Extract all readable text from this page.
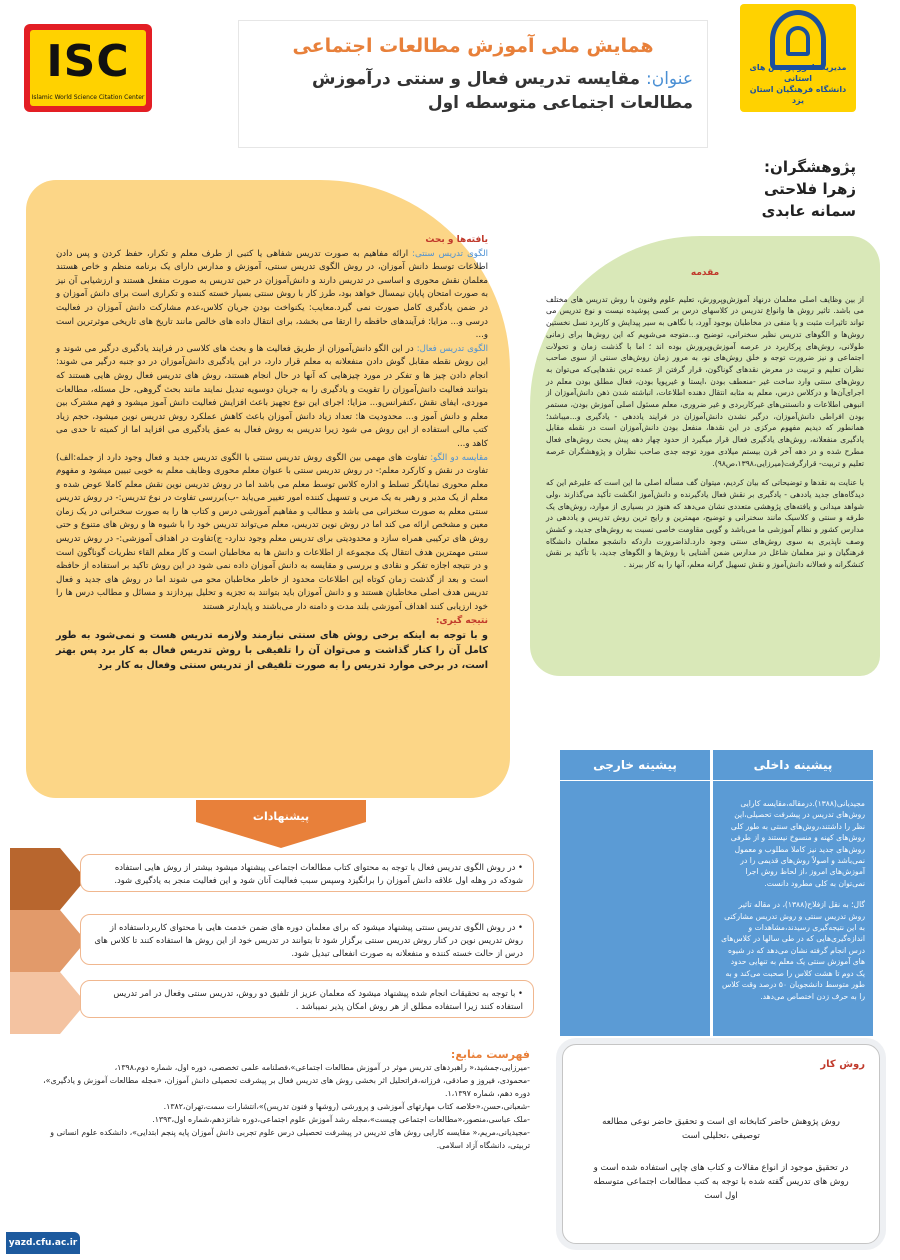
ISC
Islamic World Science Citation Center
همایش ملی آموزش مطالعات اجتماعی
عنوان: مقایسه تدریس فعال و سنتی درآموزش مطالعات اجتماعی متوسطه اول
مدیریت امور پردیس های استانی
دانشگاه فرهنگیان استان یزد
پژوهشگران:
زهرا فلاحتی
سمانه عابدی
یافته‌ها و بحث
الگوی تدریس سنتی: ارائه مفاهیم به صورت تدریس شفاهی یا کتبی از طرف معلم و تکرار، حفظ کردن و پس دادن اطلاعات توسط دانش آموزان، در روش الگوی تدریس سنتی، آموزش و مدارس دارای یک برنامه منظم و خاص هستند معلمان نقش محوری و اساسی در تدریس دارند و دانش‌آموزان در حین تدریس به صورت منفعل هستند و ارزشیابی آن نیز به صورت امتحان پایان نیمسال خواهد بود، طرز کار با روش سنتی بسیار خسته کننده و تکراری است برای دانش آموزان و در ضمن یادگیری کامل صورت نمی گیرد.معایب: یکنواخت بودن جریان کلاس،عدم مشارکت دانش آموزان در فعالیت درسی و... مزایا: فرآیندهای حافظه را ارتقا می بخشد، برای انتقال داده های خالص مانند تاریخ های تاریخی موثرترین است و...
الگوی تدریس فعال: در این الگو دانش‌آموزان از طریق فعالیت ها و بحث های کلاسی در فرایند یادگیری درگیر می شوند و این روش نقطه مقابل گوش دادن منفعلانه به معلم قرار دارد، در این یادگیری دانش‌آموزان در دو جنبه درگیر می شوند: انجام دادن چیز ها و تفکر در مورد چیزهایی که آنها در حال انجام هستند، روش های تدریس فعال روش هایی هستند که بتوانند فعالیت دانش‌آموزان را تقویت و یادگیری را به جریان دوسویه تبدیل نمایند مانند بحث گروهی، حل مسئله، مطالعات موردی، ایفای نقش ،کنفرانس‌و... مزایا: اجرای این نوع تجهیز باعث افزایش فعالیت دانش آموز میشود و فهم مشترک بین معلم و دانش آموز و... محدودیت ها: تعداد زیاد دانش آموزان باعث کاهش عملکرد روش تدریس نوین میشود، حجم زیاد کتب مالی استفاده از این روش می شود زیرا تدریس به روش فعال به عمق یادگیری می افزاید اما از کمیته تا حدی می کاهد و...
مقایسه دو الگو: تفاوت های مهمی بین الگوی روش تدریس سنتی با الگوی تدریس جدید و فعال وجود دارد از جمله:الف) تفاوت در نقش و کارکرد معلم:- در روش تدریس سنتی با عنوان معلم محوری وظایف معلم به خوبی تبیین میشود و مفهوم معلم محوری نمایانگر تسلط و اداره کلاس توسط معلم می باشد اما در روش تدریس نوین نقش معلم کاملا عوض شده و معلم از یک مدیر و رهبر به یک مربی و تسهیل کننده امور تغییر می‌یابد -ب)بررسی تفاوت در نوع تدریس:- در روش تدریس سنتی معلم به صورت سخنرانی می باشد و مطالب و مفاهیم آموزشی درس و کتاب ها را به صورت سخنرانی در یک زمان معین و مشخص ارائه می کند اما در روش نوین تدریس، معلم می‌تواند تدریس خود را با شیوه ها و روش های متنوع و حتی روش های ترکیبی همراه سازد و محدودیتی برای تدریس معلم وجود ندارد- ج)تفاوت در اهداف آموزشی:- در روش تدریس سنتی مهمترین هدف انتقال یک مجموعه از اطلاعات و دانش ها به مخاطبان است و کار معلم القاء نظریات گوناگون است و در نتیجه اجازه تفکر و نقادی و بررسی و مقایسه به دانش آموزان داده نمی شود در این روش تاکید بر استفاده از حافظه است و بعد از گذشت زمان کوتاه این اطلاعات محدود از خاطر مخاطبان محو می شوند اما در روش های جدید و فعال تدریس هدف اصلی مخاطبان هستند و و دانش آموزان باید بتوانند به تجزیه و تحلیل بپردازند و مسائل و مطالب درس ها را خود ارزیابی کنند اهداف آموزشی بلند مدت و دامنه دار می‌باشند و پایدارتر هستند
نتیجه گیری:
و با توجه به اینکه برخی روش های سنتی نیازمند ولازمه تدریس هست و نمی‌شود به طور کامل آن را کنار گذاشت و می‌توان آن را تلفیقی با روش تدریس فعال به کار برد پس بهتر است، در برخی موارد تدریس را به صورت تلفیقی از تدریس سنتی وفعال به کار برد
مقدمه
از بین وظایف اصلی معلمان درنهاد آموزش‌وپرورش، تعلیم علوم وفنون با روش تدریس های مختلف می باشد. تاثیر روش ها وانواع تدریس در کلاسهای درس بر کسی پوشیده نیست و نوع تدریس می تواند تاثیرات مثبت و یا منفی در مخاطبان بوجود آورد، با نگاهی به سیر پیدایش و کاربرد نسل نخستین روش‌ها و الگوهای تدریس نظیر سخنرانی، توضیح و...متوجه می‌شویم که این روش‌ها برای زمانی طولانی، روش‌های پرکاربرد در عرصه آموزش‌وپرورش بوده اند ؛ اما با گذشت زمان و تحولات اجتماعی و نیز ضرورت توجه و خلق روش‌های نو، به مرور زمان روش‌های سنتی از سوی صاحب نظران تعلیم و تربیت در معرض نقدهای گوناگون، قرار گرفتن از عمده ترین نقدهایی‌که می‌توان به روش‌های سنتی وارد ساخت غیر -منعطف بودن ،ایستا و غیرپویا بودن، فعال مطلق بودن معلم در اجرای‌آن‌ها و درکلاس درس، معلم به مثابه انتقال دهنده اطلاعات، انباشته شدن ذهن دانش‌آموزان از انبوهی اطلاعات و دانستنی‌های غیرکاربردی و غیر ضروری، معلم مسئول اصلی آموزش بودن، مستمر بودن افراطی دانش‌آموزان، درگیر نشدن دانش‌آموزان در فرایند یاددهی - یادگیری و...میباشد؛ همانطور که دیدیم مفهوم مرکزی در این نقدها، منفعل بودن دانش‌آموزان است در نقطه مقابل یادگیری منفعلانه، روش‌های یادگیری فعال قرار میگیرد از حدود چهار دهه پیش بحث روش‌های فعال مطرح شده و در دهه آخر قرن بیستم میلادی مورد توجه جدی صاحب نظران و پژوهشگران عرصه تعلیم و تربیت- قرارگرفت(میرزایی،۱۳۹۸،ص۹۸).
با عنایت به نقدها و توضیحاتی که بیان کردیم، میتوان گف مسأله اصلی ما این است که علیرغم این که دیدگاه‌های جدید یاددهی - یادگیری بر نقش فعال یادگیرنده و دانش‌آموز انگشت تأکید می‌گذارند ،ولی شواهد میدانی و یافته‌های پژوهشی متعددی نشان می‌دهد که هنوز در بسیاری از موارد، روش‌های یک طرفه و سنتی و کلاسیک مانند سخنرانی و توضیح، مهمترین و رایج ترین روش تدریس و یاددهی در مدارس کشور و نظام آموزشی ما می‌باشد و گویی مقاومت خاصی نسبت به روش‌های جدید، و کشش وصف ناپذیری به سوی روش‌های سنتی وجود دارد.لذاضرورت دارد‌که دانشجو معلمان دانشگاه فرهنگیان و نیز معلمان شاغل در مدارس ضمن آشنایی با روش‌ها و الگوهای جدید، با تأکید بر نقش کنشگرانه و فعالانه دانش‌آموز و نقش تسهیل گرانه معلم، آنها را به کار ببرند .
پیشینه خارجی	پیشینه داخلی
مجیدیانی(۱۳۸۸).درمقاله،مقایسه کارایی روش‌های تدریس در پیشرفت تحصیلی،این نظر را داشتند،روش‌های سنتی به طور کلی روش‌های کهنه و منسوخ نیستند و از طرفی روش‌های جدید نیز کاملا مطلوب و معمول نمی‌باشد و اصولاً روش‌های قدیمی را در آموزش‌های امروز ،از لحاظ روش اجرا نمی‌توان به کلی مطرود دانست.
گال؛ به نقل ازفلاح(۱۳۸۸)، در مقاله تاثیر روش تدریس سنتی و روش تدریس مشارکتی به این نتیجه‌گیری رسیدند،مشاهدات و اندازه‌گیری‌هایی که در طی سالها در کلاس‌های درس انجام گرفته نشان می‌دهد که در شیوه های آموزش سنتی یک معلم به تنهایی حدود یک دوم تا هشت کلاس را صحبت می‌کند و به طور متوسط دانشجویان ۵۰ درصد وقت کلاس را به حرف زدن اختصاص می‌دهد.
پیشنهادات
• در روش الگوی تدریس فعال با توجه به محتوای کتاب مطالعات اجتماعی پیشنهاد میشود بیشتر از روش هایی استفاده شودکه در وهله اول علاقه دانش آموزان را برانگیزد وسپس سبب فعالیت آنان شود و این فعالیت منجر به یادگیری شود.
• در روش الگوی تدریس سنتی پیشنهاد میشود که برای معلمان دوره های ضمن خدمت هایی با محتوای کاربرد‌استفاده از روش تدریس نوین در کنار روش تدریس سنتی برگزار شود تا بتوانند در تدریس خود از این روش ها استفاده کنند تا کلاس های درس از حالت خسته کننده و منفعلانه به صورت انفعالی تبدیل شود.
• با توجه به تحقیقات انجام شده پیشنهاد میشود که معلمان عزیز از تلفیق دو روش، تدریس سنتی وفعال در امر تدریس استفاده کنند زیرا استفاده مطلق از هر روش امکان پذیر نمیباشد .
فهرست منابع:
-میرزایی،جمشید،« راهبردهای تدریس موثر در آموزش مطالعات اجتماعی»،فصلنامه علمی تخصصی، دوره اول، شماره دوم،۱۳۹۸،
-محمودی، فیروز و صادقی، فرزانه،فراتحلیل اثر بخشی روش های تدریس فعال بر پیشرفت تحصیلی دانش آموزان، «مجله مطالعات آموزش و یادگیری»، دوره دهم، شماره ۱،۱۳۹۷.
-شعبانی،حسن،«خلاصه کتاب مهارتهای آموزشی و پرورشی (روشها و فنون تدریس)»،انتشارات سمت،تهران،۱۳۸۲.
-ملک عباسی،منصور،«مطالعات اجتماعی چیست»،مجله رشد آموزش علوم اجتماعی،دوره شانزدهم،شماره اول،۱۳۹۳.
-مجیدیانی،مریم،« مقایسه کارایی روش های تدریس در پیشرفت تحصیلی درس علوم تجربی دانش آموزان پایه پنجم ابتدایی»، دانشکده علوم انسانی و تربیتی، دانشگاه آزاد اسلامی.
روش کار
روش پژوهش حاضر کتابخانه ای است و تحقیق حاضر نوعی مطالعه توصیفی ،تحلیلی است
در تحقیق موجود از انواع مقالات و کتاب های چاپی استفاده شده است و روش های تدریس گفته شده با توجه به کتب مطالعات اجتماعی متوسطه اول است
yazd.cfu.ac.ir
